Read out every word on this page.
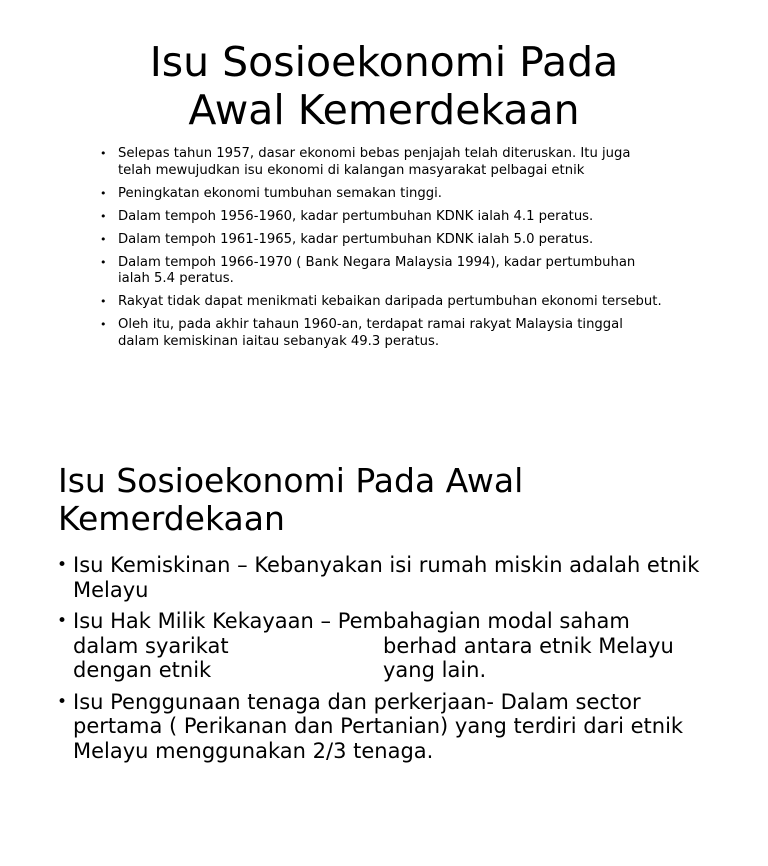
Isu Sosioekonomi Pada
Awal Kemerdekaan
• Selepas tahun 1957, dasar ekonomi bebas penjajah telah diteruskan. Itu juga telah mewujudkan isu ekonomi di kalangan masyarakat pelbagai etnik
• Peningkatan ekonomi tumbuhan semakan tinggi.
• Dalam tempoh 1956-1960, kadar pertumbuhan KDNK ialah 4.1 peratus.
• Dalam tempoh 1961-1965, kadar pertumbuhan KDNK ialah 5.0 peratus.
• Dalam tempoh 1966-1970 ( Bank Negara Malaysia 1994), kadar pertumbuhan ialah 5.4 peratus.
• Rakyat tidak dapat menikmati kebaikan daripada pertumbuhan ekonomi tersebut.
• Oleh itu, pada akhir tahaun 1960-an, terdapat ramai rakyat Malaysia tinggal dalam kemiskinan iaitau sebanyak 49.3 peratus.
Isu Sosioekonomi Pada Awal
Kemerdekaan
• Isu Kemiskinan – Kebanyakan isi rumah miskin adalah etnik Melayu
• Isu Hak Milik Kekayaan – Pembahagian modal saham
dalam syarikat	berhad antara etnik Melayu
dengan etnik	yang lain.
• Isu Penggunaan tenaga dan perkerjaan- Dalam sector pertama ( Perikanan dan Pertanian) yang terdiri dari etnik Melayu menggunakan 2/3 tenaga.
